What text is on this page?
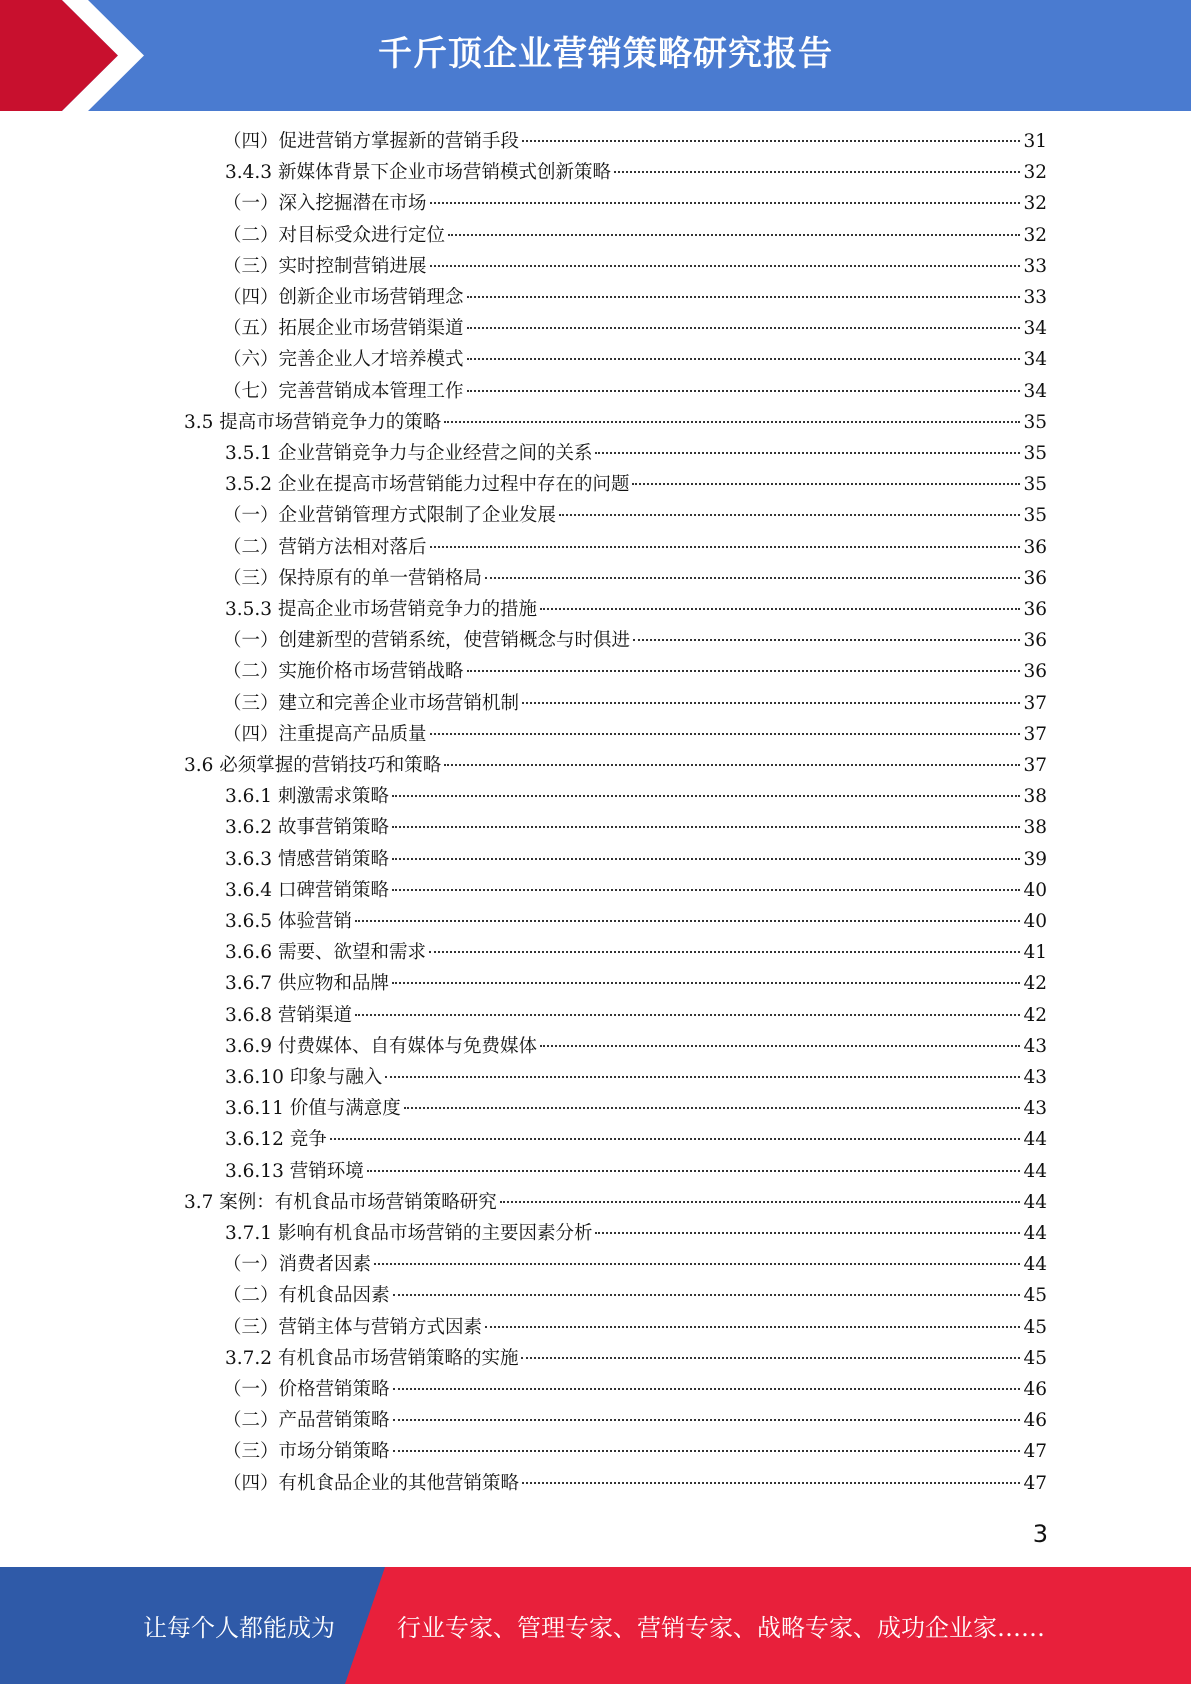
千斤顶企业营销策略研究报告
（四）促进营销方掌握新的营销手段	31
3.4.3 新媒体背景下企业市场营销模式创新策略	32
（一）深入挖掘潜在市场	32
（二）对目标受众进行定位	32
（三）实时控制营销进展	33
（四）创新企业市场营销理念	33
（五）拓展企业市场营销渠道	34
（六）完善企业人才培养模式	34
（七）完善营销成本管理工作	34
3.5 提高市场营销竞争力的策略	35
3.5.1 企业营销竞争力与企业经营之间的关系	35
3.5.2 企业在提高市场营销能力过程中存在的问题	35
（一）企业营销管理方式限制了企业发展	35
（二）营销方法相对落后	36
（三）保持原有的单一营销格局	36
3.5.3 提高企业市场营销竞争力的措施	36
（一）创建新型的营销系统，使营销概念与时俱进	36
（二）实施价格市场营销战略	36
（三）建立和完善企业市场营销机制	37
（四）注重提高产品质量	37
3.6 必须掌握的营销技巧和策略	37
3.6.1 刺激需求策略	38
3.6.2 故事营销策略	38
3.6.3 情感营销策略	39
3.6.4 口碑营销策略	40
3.6.5 体验营销	40
3.6.6 需要、欲望和需求	41
3.6.7 供应物和品牌	42
3.6.8 营销渠道	42
3.6.9 付费媒体、自有媒体与免费媒体	43
3.6.10 印象与融入	43
3.6.11 价值与满意度	43
3.6.12 竞争	44
3.6.13 营销环境	44
3.7 案例：有机食品市场营销策略研究	44
3.7.1 影响有机食品市场营销的主要因素分析	44
（一）消费者因素	44
（二）有机食品因素	45
（三）营销主体与营销方式因素	45
3.7.2 有机食品市场营销策略的实施	45
（一）价格营销策略	46
（二）产品营销策略	46
（三）市场分销策略	47
（四）有机食品企业的其他营销策略	47
3
让每个人都能成为	行业专家、管理专家、营销专家、战略专家、成功企业家……
